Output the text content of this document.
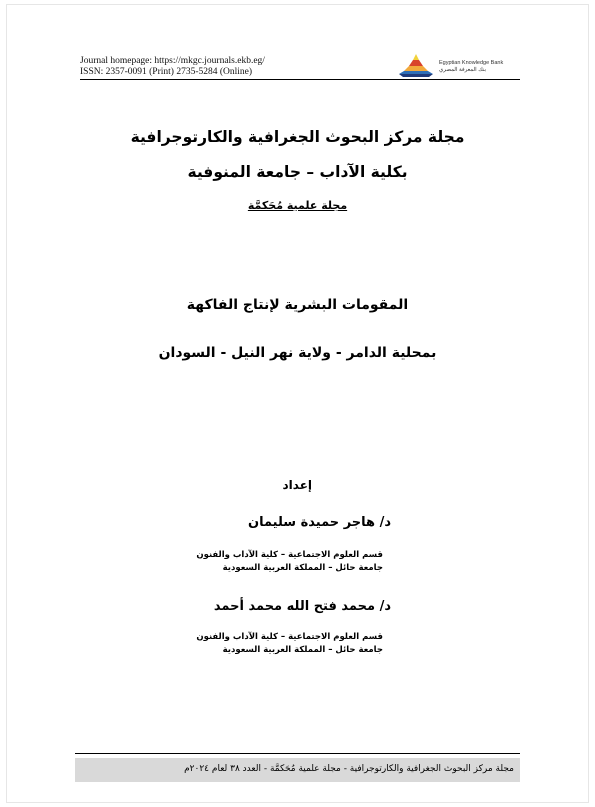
Journal homepage: https://mkgc.journals.ekb.eg/
ISSN: 2357-0091 (Print) 2735-5284 (Online)
Egyptian Knowledge Bank
بنك المعرفة المصري
مجلة مركز البحوث الجغرافية والكارتوجرافية
بكلية الآداب – جامعة المنوفية
مجلة علمية مُحَكمَّة
المقومات البشرية لإنتاج الفاكهة
بمحلية الدامر - ولاية نهر النيل - السودان
إعداد
د/ هاجر حميدة سليمان
قسم العلوم الاجتماعية – كلية الآداب والفنون
جامعة حائل – المملكة العربية السعودية
د/ محمد فتح الله محمد أحمد
قسم العلوم الاجتماعية – كلية الآداب والفنون
جامعة حائل – المملكة العربية السعودية
مجلة مركز البحوث الجغرافية والكارتوجرافية - مجلة علمية مُحَكمَّة - العدد ٣٨ لعام ٢٠٢٤م
